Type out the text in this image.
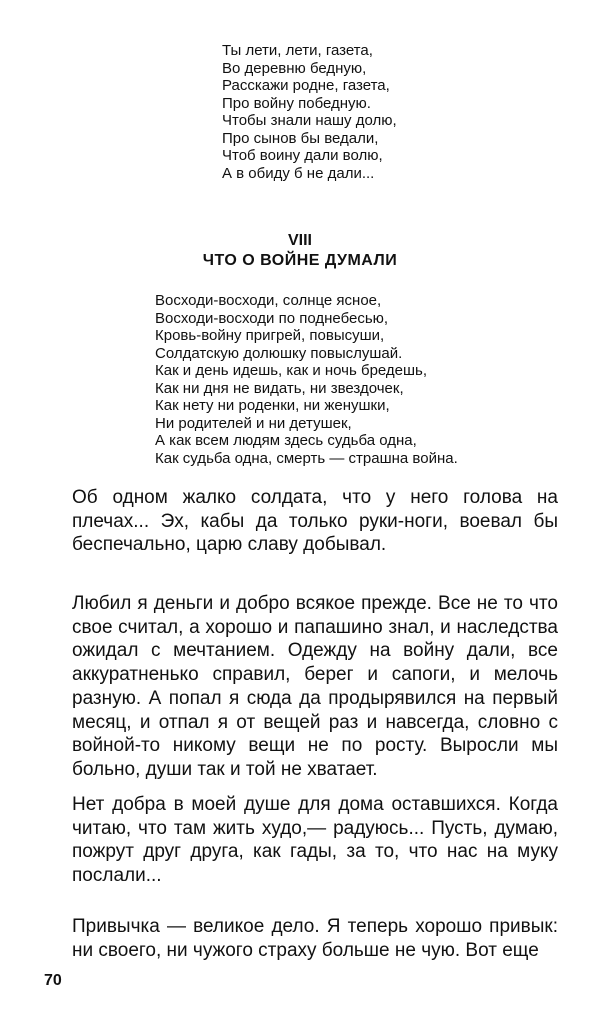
Ты лети, лети, газета,
Во деревню бедную,
Расскажи родне, газета,
Про войну победную.
Чтобы знали нашу долю,
Про сынов бы ведали,
Чтоб воину дали волю,
А в обиду б не дали...
VIII
ЧТО О ВОЙНЕ ДУМАЛИ
Восходи-восходи, солнце ясное,
Восходи-восходи по поднебесью,
Кровь-войну пригрей, повысуши,
Солдатскую долюшку повыслушай.
Как и день идешь, как и ночь бредешь,
Как ни дня не видать, ни звездочек,
Как нету ни роденки, ни женушки,
Ни родителей и ни детушек,
А как всем людям здесь судьба одна,
Как судьба одна, смерть — страшна война.

Об одном жалко солдата, что у него голова на плечах... Эх, кабы да только руки-ноги, воевал бы беспечально, царю славу добывал.

Любил я деньги и добро всякое прежде. Все не то что свое считал, а хорошо и папашино знал, и наследства ожидал с мечтанием. Одежду на войну дали, все аккуратненько справил, берег и сапоги, и мелочь разную. А попал я сюда да продырявился на первый месяц, и отпал я от вещей раз и навсегда, словно с войной-то никому вещи не по росту. Выросли мы больно, души так и той не хватает.

Нет добра в моей душе для дома оставшихся. Когда читаю, что там жить худо,— радуюсь... Пусть, думаю, пожрут друг друга, как гады, за то, что нас на муку послали...

Привычка — великое дело. Я теперь хорошо привык: ни своего, ни чужого страху больше не чую. Вот еще

70
